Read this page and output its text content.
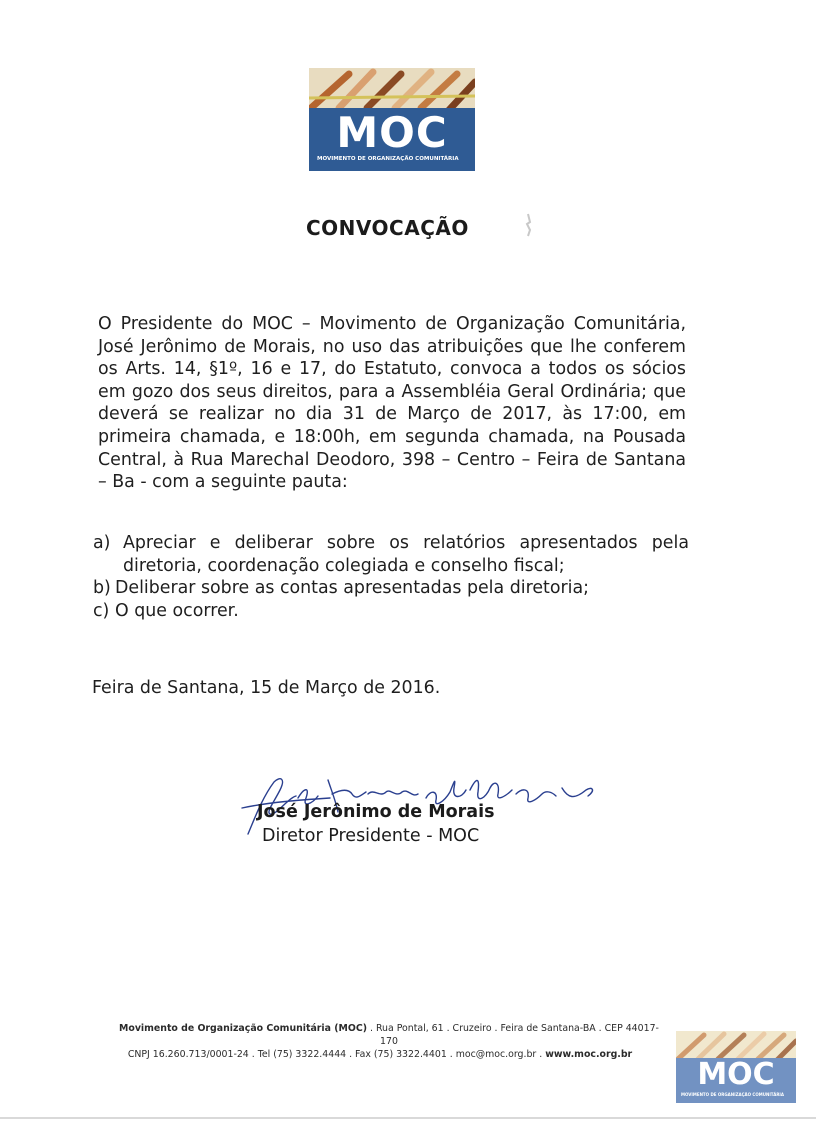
MOC
MOVIMENTO DE ORGANIZAÇÃO COMUNITÁRIA
CONVOCAÇÃO
O Presidente do MOC – Movimento de Organização Comunitária, José Jerônimo de Morais, no uso das atribuições que lhe conferem os Arts. 14, §1º, 16 e 17, do Estatuto, convoca a todos os sócios em gozo dos seus direitos, para a Assembléia Geral Ordinária; que deverá se realizar no dia 31 de Março de 2017, às 17:00, em primeira chamada, e 18:00h, em segunda chamada, na Pousada Central, à Rua Marechal Deodoro, 398 – Centro – Feira de Santana – Ba - com a seguinte pauta:
a) Apreciar e deliberar sobre os relatórios apresentados pela diretoria, coordenação colegiada e conselho fiscal;
b) Deliberar sobre as contas apresentadas pela diretoria;
c) O que ocorrer.
Feira de Santana, 15 de Março de 2016.
José Jerônimo de Morais
Diretor Presidente - MOC
Movimento de Organização Comunitária (MOC) . Rua Pontal, 61 . Cruzeiro . Feira de Santana-BA . CEP 44017-170
CNPJ 16.260.713/0001-24 . Tel (75) 3322.4444 . Fax (75) 3322.4401 . moc@moc.org.br . www.moc.org.br
MOC
MOVIMENTO DE ORGANIZAÇÃO COMUNITÁRIA
